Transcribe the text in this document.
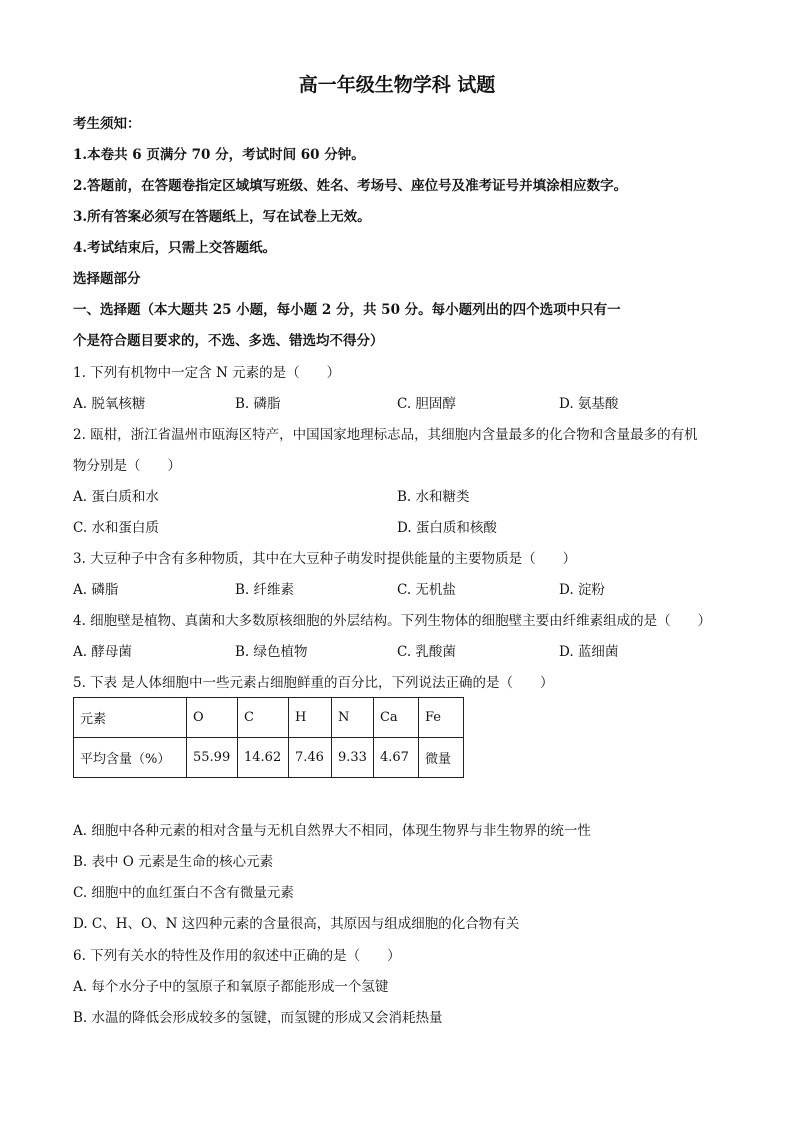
高一年级生物学科 试题
考生须知：
1.本卷共 6 页满分 70 分，考试时间 60 分钟。
2.答题前，在答题卷指定区域填写班级、姓名、考场号、座位号及准考证号并填涂相应数字。
3.所有答案必须写在答题纸上，写在试卷上无效。
4.考试结束后，只需上交答题纸。
选择题部分
一、选择题（本大题共 25 小题，每小题 2 分，共 50 分。每小题列出的四个选项中只有一
个是符合题目要求的，不选、多选、错选均不得分）
1. 下列有机物中一定含 N 元素的是（　　）
A. 脱氧核糖	B. 磷脂	C. 胆固醇	D. 氨基酸
2. 瓯柑，浙江省温州市瓯海区特产，中国国家地理标志品，其细胞内含量最多的化合物和含量最多的有机
物分别是（　　）
A. 蛋白质和水	B. 水和糖类
C. 水和蛋白质	D. 蛋白质和核酸
3. 大豆种子中含有多种物质，其中在大豆种子萌发时提供能量的主要物质是（　　）
A. 磷脂	B. 纤维素	C. 无机盐	D. 淀粉
4. 细胞壁是植物、真菌和大多数原核细胞的外层结构。下列生物体的细胞壁主要由纤维素组成的是（　　）
A. 酵母菌	B. 绿色植物	C. 乳酸菌	D. 蓝细菌
5. 下表 是人体细胞中一些元素占细胞鲜重的百分比，下列说法正确的是（　　）
元素	O	C	H	N	Ca	Fe
平均含量（%）	55.99	14.62	7.46	9.33	4.67	微量
A. 细胞中各种元素的相对含量与无机自然界大不相同，体现生物界与非生物界的统一性
B. 表中 O 元素是生命的核心元素
C. 细胞中的血红蛋白不含有微量元素
D. C、H、O、N 这四种元素的含量很高，其原因与组成细胞的化合物有关
6. 下列有关水的特性及作用的叙述中正确的是（　　）
A. 每个水分子中的氢原子和氧原子都能形成一个氢键
B. 水温的降低会形成较多的氢键，而氢键的形成又会消耗热量
